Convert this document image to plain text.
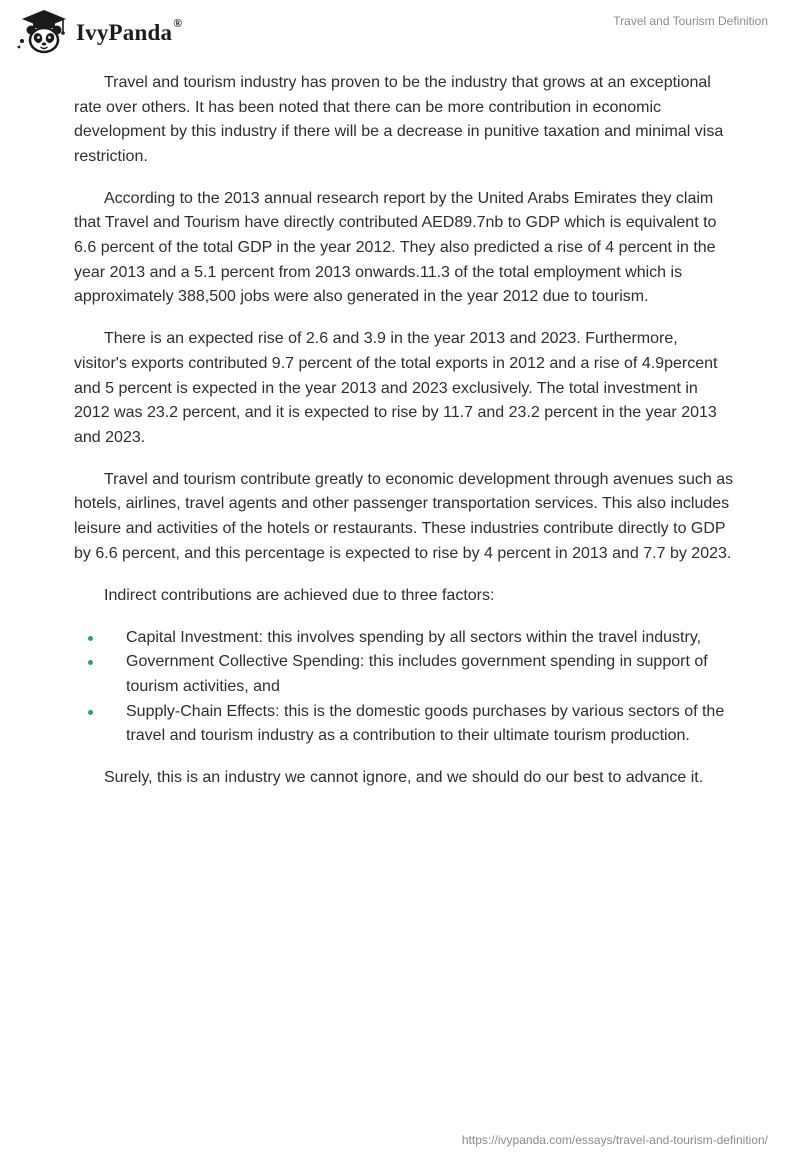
IvyPanda®	Travel and Tourism Definition

Travel and tourism industry has proven to be the industry that grows at an exceptional rate over others. It has been noted that there can be more contribution in economic development by this industry if there will be a decrease in punitive taxation and minimal visa restriction.

According to the 2013 annual research report by the United Arabs Emirates they claim that Travel and Tourism have directly contributed AED89.7nb to GDP which is equivalent to 6.6 percent of the total GDP in the year 2012. They also predicted a rise of 4 percent in the year 2013 and a 5.1 percent from 2013 onwards.11.3 of the total employment which is approximately 388,500 jobs were also generated in the year 2012 due to tourism.

There is an expected rise of 2.6 and 3.9 in the year 2013 and 2023. Furthermore, visitor's exports contributed 9.7 percent of the total exports in 2012 and a rise of 4.9percent and 5 percent is expected in the year 2013 and 2023 exclusively. The total investment in 2012 was 23.2 percent, and it is expected to rise by 11.7 and 23.2 percent in the year 2013 and 2023.

Travel and tourism contribute greatly to economic development through avenues such as hotels, airlines, travel agents and other passenger transportation services. This also includes leisure and activities of the hotels or restaurants. These industries contribute directly to GDP by 6.6 percent, and this percentage is expected to rise by 4 percent in 2013 and 7.7 by 2023.

Indirect contributions are achieved due to three factors:

Capital Investment: this involves spending by all sectors within the travel industry,
Government Collective Spending: this includes government spending in support of tourism activities, and
Supply-Chain Effects: this is the domestic goods purchases by various sectors of the travel and tourism industry as a contribution to their ultimate tourism production.

Surely, this is an industry we cannot ignore, and we should do our best to advance it.

https://ivypanda.com/essays/travel-and-tourism-definition/
